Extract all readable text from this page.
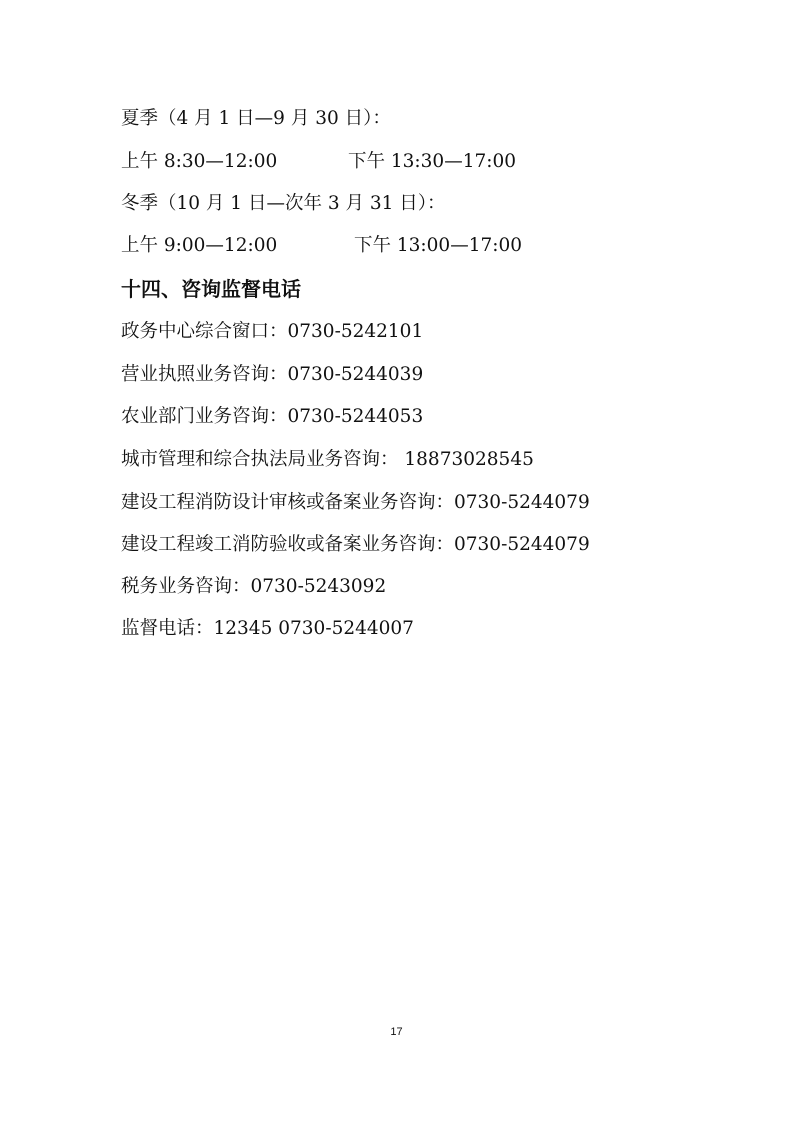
夏季（4 月 1 日—9 月 30 日）：
上午 8:30—12:00	下午 13:30—17:00
冬季（10 月 1 日—次年 3 月 31 日）：
上午 9:00—12:00	下午 13:00—17:00
十四、咨询监督电话
政务中心综合窗口：0730-5242101
营业执照业务咨询：0730-5244039
农业部门业务咨询：0730-5244053
城市管理和综合执法局业务咨询： 18873028545
建设工程消防设计审核或备案业务咨询：0730-5244079
建设工程竣工消防验收或备案业务咨询：0730-5244079
税务业务咨询：0730-5243092
监督电话：12345 0730-5244007
17
